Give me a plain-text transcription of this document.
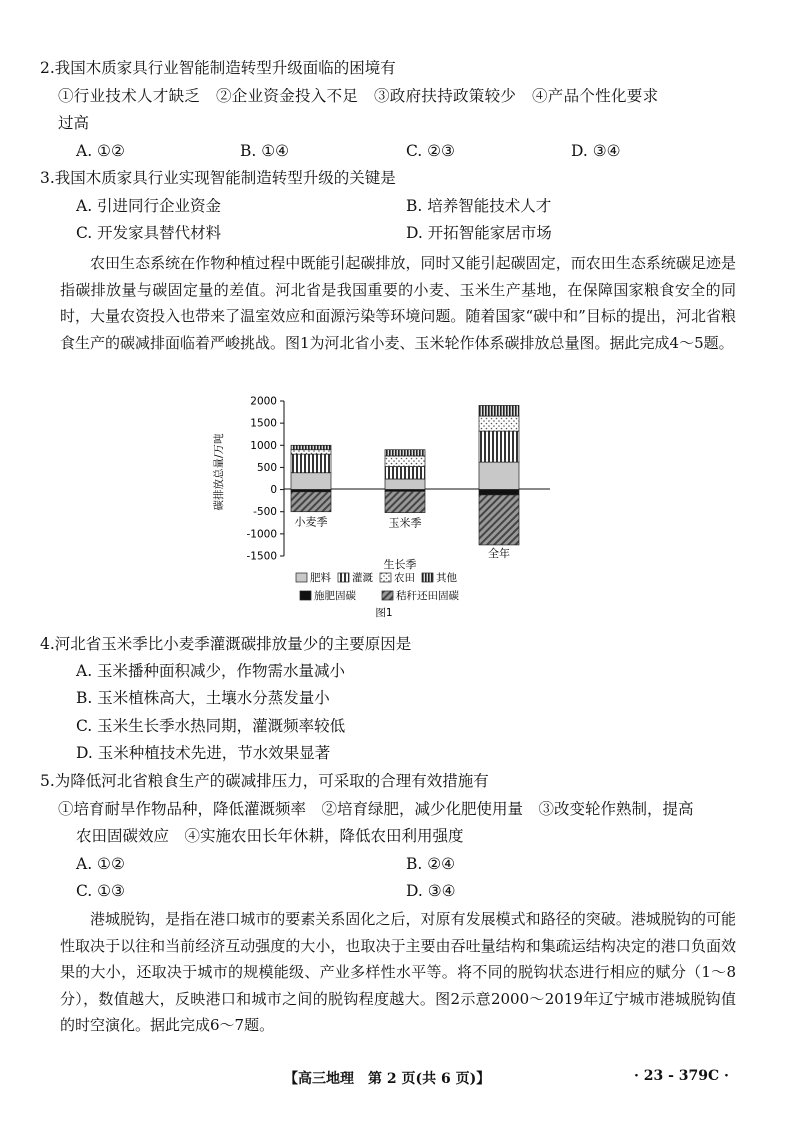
2.我国木质家具行业智能制造转型升级面临的困境有
①行业技术人才缺乏　②企业资金投入不足　③政府扶持政策较少　④产品个性化要求
过高
A. ①②	B. ①④	C. ②③	D. ③④
3.我国木质家具行业实现智能制造转型升级的关键是
A. 引进同行企业资金	B. 培养智能技术人才
C. 开发家具替代材料	D. 开拓智能家居市场
农田生态系统在作物种植过程中既能引起碳排放，同时又能引起碳固定，而农田生态系统碳足迹是指碳排放量与碳固定量的差值。河北省是我国重要的小麦、玉米生产基地，在保障国家粮食安全的同时，大量农资投入也带来了温室效应和面源污染等环境问题。随着国家“碳中和”目标的提出，河北省粮食生产的碳减排面临着严峻挑战。图1为河北省小麦、玉米轮作体系碳排放总量图。据此完成4～5题。
碳排放总量/万吨
2000
1500
1000
500
0
-500
-1000
-1500
小麦季	玉米季
全年
生长季
肥料 灌溉 农田 其他
施肥固碳	秸秆还田固碳
图1
4.河北省玉米季比小麦季灌溉碳排放量少的主要原因是
A. 玉米播种面积减少，作物需水量减小
B. 玉米植株高大，土壤水分蒸发量小
C. 玉米生长季水热同期，灌溉频率较低
D. 玉米种植技术先进，节水效果显著
5.为降低河北省粮食生产的碳减排压力，可采取的合理有效措施有
①培育耐旱作物品种，降低灌溉频率　②培育绿肥，减少化肥使用量　③改变轮作熟制，提高
农田固碳效应　④实施农田长年休耕，降低农田利用强度
A. ①②	B. ②④
C. ①③	D. ③④
港城脱钩，是指在港口城市的要素关系固化之后，对原有发展模式和路径的突破。港城脱钩的可能性取决于以往和当前经济互动强度的大小，也取决于主要由吞吐量结构和集疏运结构决定的港口负面效果的大小，还取决于城市的规模能级、产业多样性水平等。将不同的脱钩状态进行相应的赋分（1～8分），数值越大，反映港口和城市之间的脱钩程度越大。图2示意2000～2019年辽宁城市港城脱钩值的时空演化。据此完成6～7题。
【高三地理　第 2 页(共 6 页)】	· 23 - 379C ·
